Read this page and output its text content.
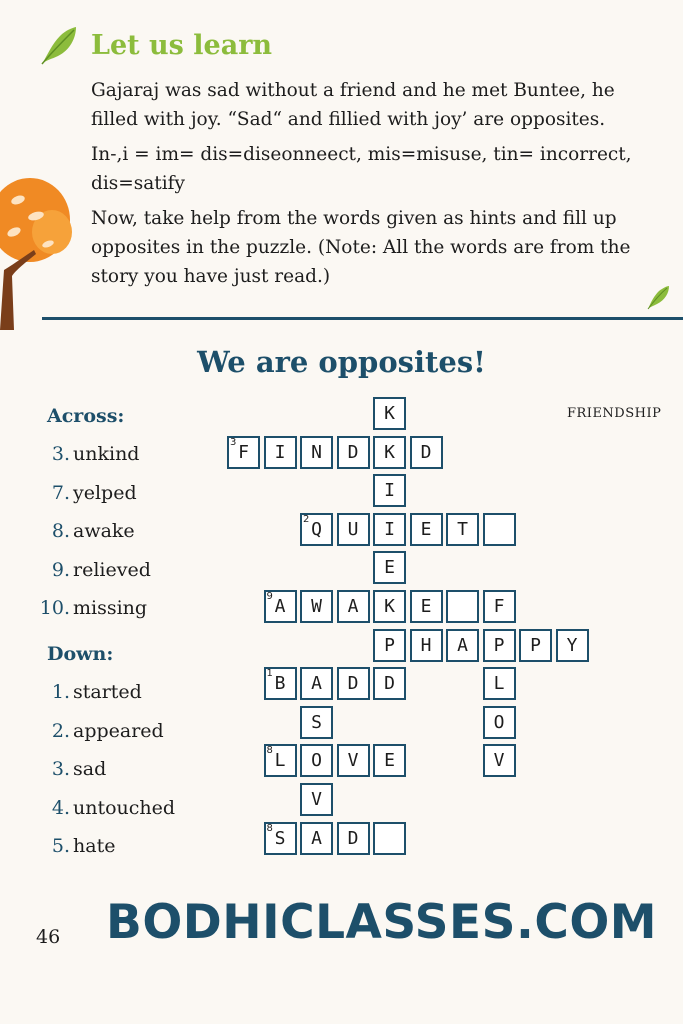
Let us learn

Gajaraj was sad without a friend and he met Buntee, he filled with joy. “Sad“ and fillied with joy’ are opposites.

In-,i = im= dis=diseonneect, mis=misuse, tin= incorrect, dis=satify

Now, take help from the words given as hints and fill up opposites in the puzzle. (Note: All the words are from the story you have just read.)

We are opposites!
Across:
3. unkind
7. yelped
8. awake
9. relieved
10. missing
Down:
1. started
2. appeared
3. sad
4. untouched
5. hate
FRIENDSHIP
K
3 F I N D K D
I
2 Q U I E T
E
9 A W A K E	F
P H A P P Y
1 B A D D	L
S	O
8 L O V E	V
V
8 S A D
46 BODHICLASSES.COM
